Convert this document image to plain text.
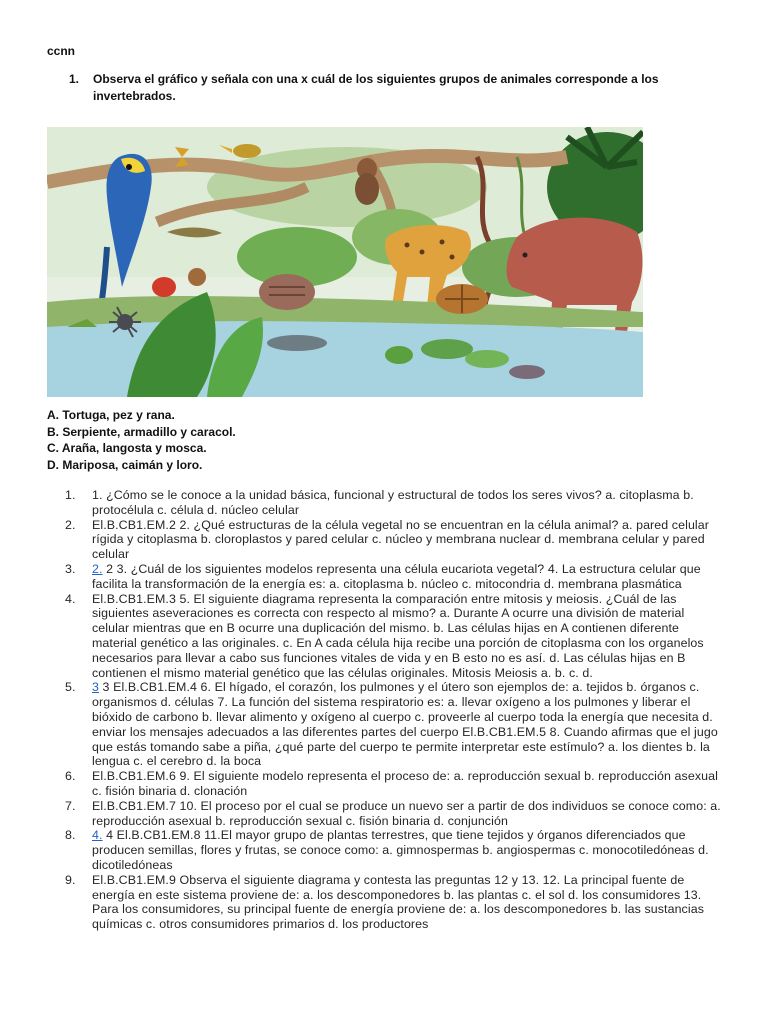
ccnn
1.	Observa el gráfico y señala con una x cuál de los siguientes grupos de animales corresponde a los invertebrados.
A. Tortuga, pez y rana.
B. Serpiente, armadillo y caracol.
C. Araña, langosta y mosca.
D. Mariposa, caimán y loro.
1.	1. ¿Cómo se le conoce a la unidad básica, funcional y estructural de todos los seres vivos? a. citoplasma b. protocélula c. célula d. núcleo celular
2.	El.B.CB1.EM.2 2. ¿Qué estructuras de la célula vegetal no se encuentran en la célula animal? a. pared celular rígida y citoplasma b. cloroplastos y pared celular c. núcleo y membrana nuclear d. membrana celular y pared celular
3.	2. 2 3. ¿Cuál de los siguientes modelos representa una célula eucariota vegetal? 4. La estructura celular que facilita la transformación de la energía es: a. citoplasma b. núcleo c. mitocondria d. membrana plasmática
4.	El.B.CB1.EM.3 5. El siguiente diagrama representa la comparación entre mitosis y meiosis. ¿Cuál de las siguientes aseveraciones es correcta con respecto al mismo? a. Durante A ocurre una división de material celular mientras que en B ocurre una duplicación del mismo. b. Las células hijas en A contienen diferente material genético a las originales. c. En A cada célula hija recibe una porción de citoplasma con los organelos necesarios para llevar a cabo sus funciones vitales de vida y en B esto no es así. d. Las células hijas en B contienen el mismo material genético que las células originales. Mitosis Meiosis a. b. c. d.
5.	3 3 El.B.CB1.EM.4 6. El hígado, el corazón, los pulmones y el útero son ejemplos de: a. tejidos b. órganos c. organismos d. células 7. La función del sistema respiratorio es: a. llevar oxígeno a los pulmones y liberar el bióxido de carbono b. llevar alimento y oxígeno al cuerpo c. proveerle al cuerpo toda la energía que necesita d. enviar los mensajes adecuados a las diferentes partes del cuerpo El.B.CB1.EM.5 8. Cuando afirmas que el jugo que estás tomando sabe a piña, ¿qué parte del cuerpo te permite interpretar este estímulo? a. los dientes b. la lengua c. el cerebro d. la boca
6.	El.B.CB1.EM.6 9. El siguiente modelo representa el proceso de: a. reproducción sexual b. reproducción asexual c. fisión binaria d. clonación
7.	El.B.CB1.EM.7 10. El proceso por el cual se produce un nuevo ser a partir de dos individuos se conoce como: a. reproducción asexual b. reproducción sexual c. fisión binaria d. conjunción
8.	4. 4 El.B.CB1.EM.8 11.El mayor grupo de plantas terrestres, que tiene tejidos y órganos diferenciados que producen semillas, flores y frutas, se conoce como: a. gimnospermas b. angiospermas c. monocotiledóneas d. dicotiledóneas
9.	El.B.CB1.EM.9 Observa el siguiente diagrama y contesta las preguntas 12 y 13. 12. La principal fuente de energía en este sistema proviene de: a. los descomponedores b. las plantas c. el sol d. los consumidores 13. Para los consumidores, su principal fuente de energía proviene de: a. los descomponedores b. las sustancias químicas c. otros consumidores primarios d. los productores
